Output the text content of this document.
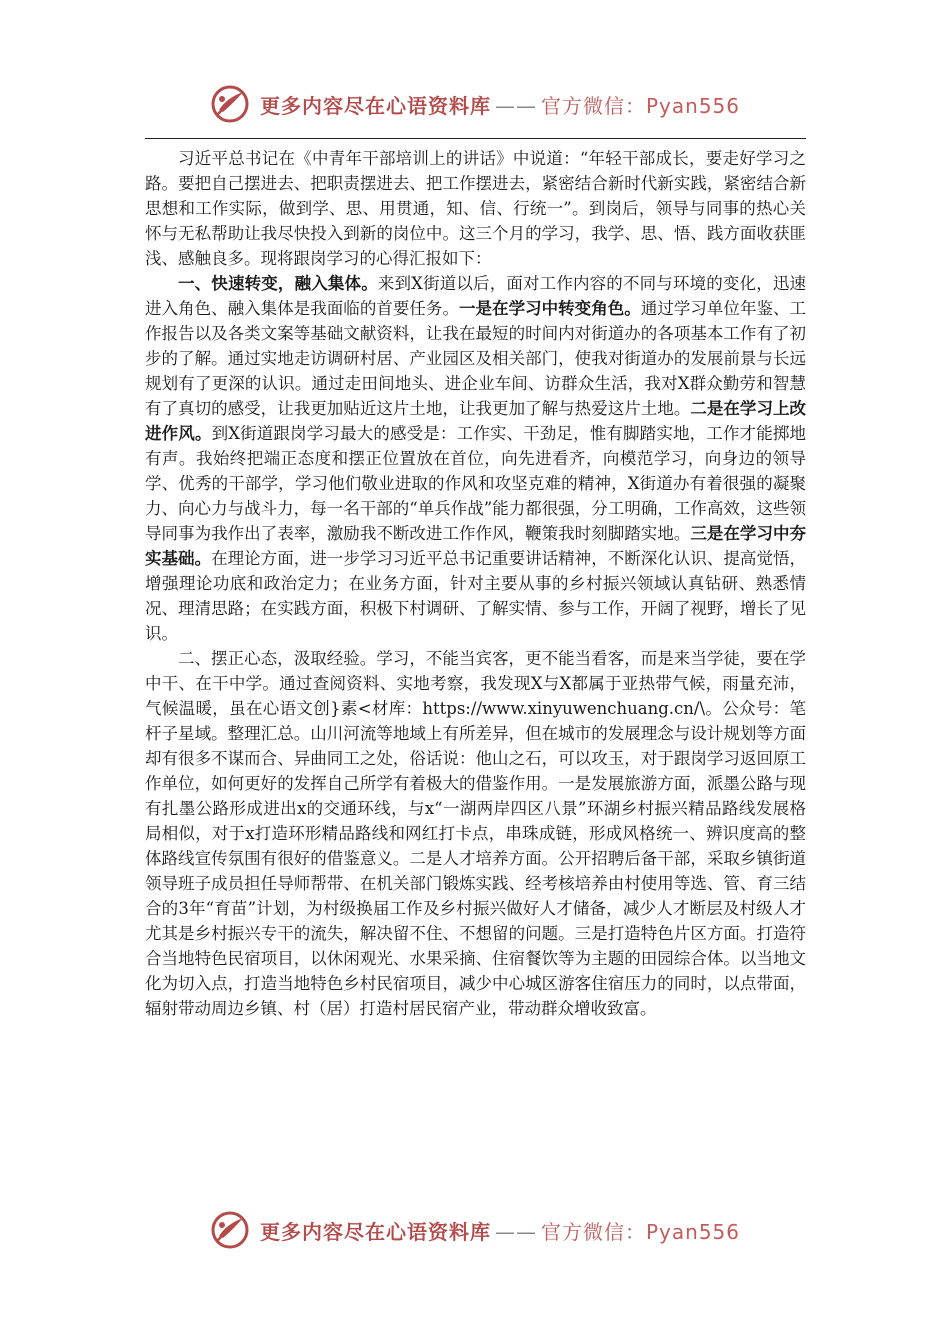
更多内容尽在心语资料库 —— 官方微信：Pyan556

习近平总书记在《中青年干部培训上的讲话》中说道：“年轻干部成长，要走好学习之路。要把自己摆进去、把职责摆进去、把工作摆进去，紧密结合新时代新实践，紧密结合新思想和工作实际，做到学、思、用贯通，知、信、行统一”。到岗后，领导与同事的热心关怀与无私帮助让我尽快投入到新的岗位中。这三个月的学习，我学、思、悟、践方面收获匪浅、感触良多。现将跟岗学习的心得汇报如下：

一、快速转变，融入集体。来到X街道以后，面对工作内容的不同与环境的变化，迅速进入角色、融入集体是我面临的首要任务。一是在学习中转变角色。通过学习单位年鉴、工作报告以及各类文案等基础文献资料，让我在最短的时间内对街道办的各项基本工作有了初步的了解。通过实地走访调研村居、产业园区及相关部门，使我对街道办的发展前景与长远规划有了更深的认识。通过走田间地头、进企业车间、访群众生活，我对X群众勤劳和智慧有了真切的感受，让我更加贴近这片土地，让我更加了解与热爱这片土地。二是在学习上改进作风。到X街道跟岗学习最大的感受是：工作实、干劲足，惟有脚踏实地，工作才能掷地有声。我始终把端正态度和摆正位置放在首位，向先进看齐，向模范学习，向身边的领导学、优秀的干部学，学习他们敬业进取的作风和攻坚克难的精神，X街道办有着很强的凝聚力、向心力与战斗力，每一名干部的“单兵作战”能力都很强，分工明确，工作高效，这些领导同事为我作出了表率，激励我不断改进工作作风，鞭策我时刻脚踏实地。三是在学习中夯实基础。在理论方面，进一步学习习近平总书记重要讲话精神，不断深化认识、提高觉悟，增强理论功底和政治定力；在业务方面，针对主要从事的乡村振兴领域认真钻研、熟悉情况、理清思路；在实践方面，积极下村调研、了解实情、参与工作，开阔了视野，增长了见识。

二、摆正心态，汲取经验。学习，不能当宾客，更不能当看客，而是来当学徒，要在学中干、在干中学。通过查阅资料、实地考察，我发现X与X都属于亚热带气候，雨量充沛，气候温暖，虽在心语文创}素<材库：https://www.xinyuwenchuang.cn/\。公众号：笔杆子星域。整理汇总。山川河流等地域上有所差异，但在城市的发展理念与设计规划等方面却有很多不谋而合、异曲同工之处，俗话说：他山之石，可以攻玉，对于跟岗学习返回原工作单位，如何更好的发挥自己所学有着极大的借鉴作用。一是发展旅游方面，派墨公路与现有扎墨公路形成进出x的交通环线，与x“一湖两岸四区八景”环湖乡村振兴精品路线发展格局相似，对于x打造环形精品路线和网红打卡点，串珠成链，形成风格统一、辨识度高的整体路线宣传氛围有很好的借鉴意义。二是人才培养方面。公开招聘后备干部，采取乡镇街道领导班子成员担任导师帮带、在机关部门锻炼实践、经考核培养由村使用等选、管、育三结合的3年“育苗”计划，为村级换届工作及乡村振兴做好人才储备，减少人才断层及村级人才尤其是乡村振兴专干的流失，解决留不住、不想留的问题。三是打造特色片区方面。打造符合当地特色民宿项目，以休闲观光、水果采摘、住宿餐饮等为主题的田园综合体。以当地文化为切入点，打造当地特色乡村民宿项目，减少中心城区游客住宿压力的同时，以点带面，辐射带动周边乡镇、村（居）打造村居民宿产业，带动群众增收致富。

更多内容尽在心语资料库 —— 官方微信：Pyan556
